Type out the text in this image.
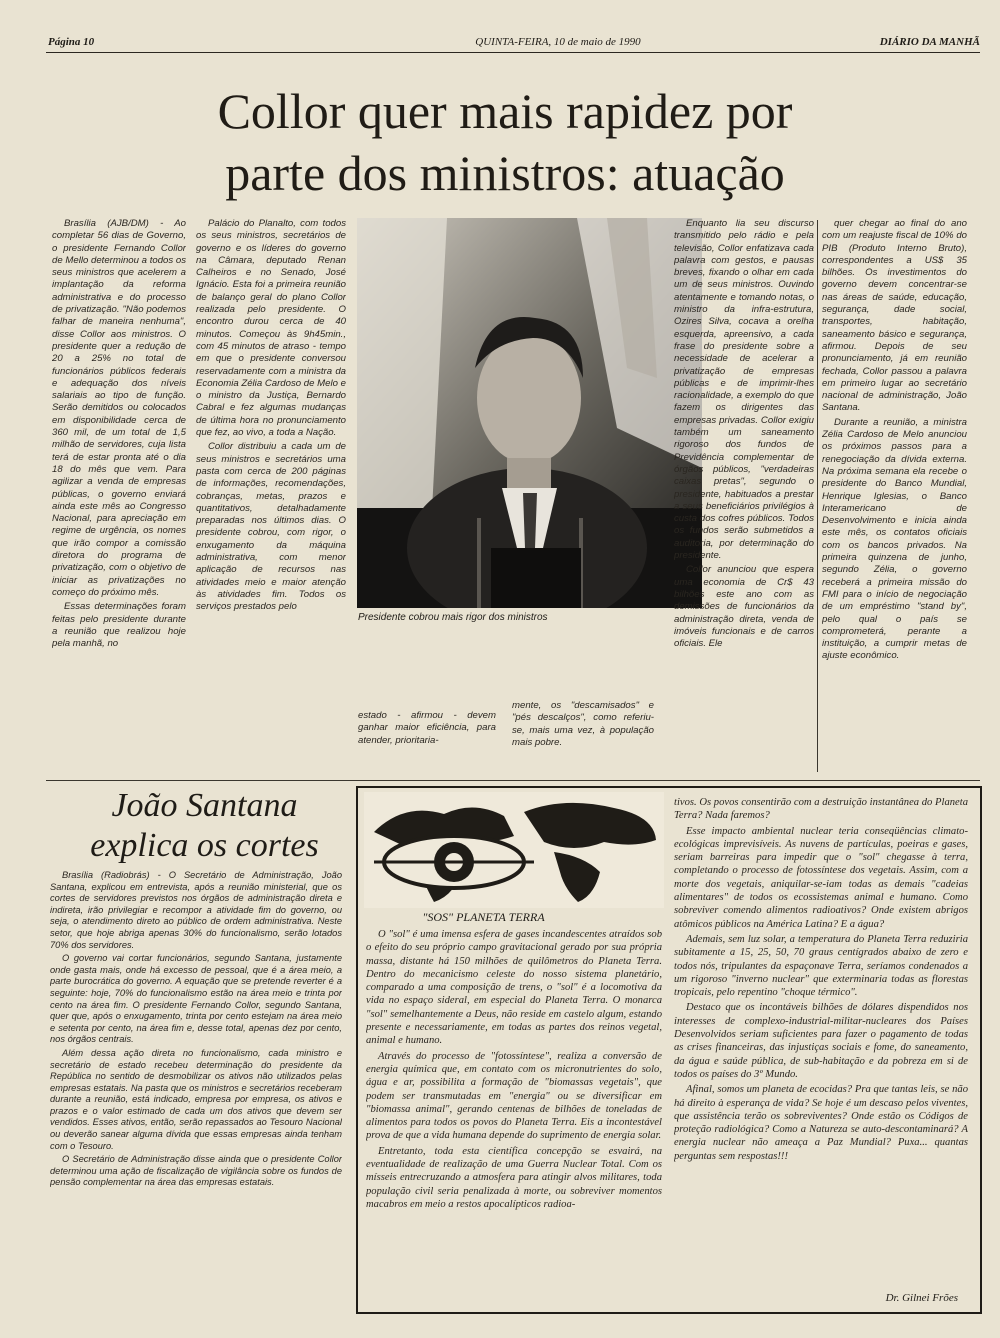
Página 10	QUINTA-FEIRA, 10 de maio de 1990	DIÁRIO DA MANHÃ
Collor quer mais rapidez por
parte dos ministros: atuação

Brasília (AJB/DM) - Ao completar 56 dias de Governo, o presidente Fernando Collor de Mello determinou a todos os seus ministros que acelerem a implantação da reforma administrativa e do processo de privatização. "Não podemos falhar de maneira nenhuma", disse Collor aos ministros. O presidente quer a redução de 20 a 25% no total de funcionários públicos federais e adequação dos níveis salariais ao tipo de função. Serão demitidos ou colocados em disponibilidade cerca de 360 mil, de um total de 1,5 milhão de servidores, cuja lista terá de estar pronta até o dia 18 do mês que vem. Para agilizar a venda de empresas públicas, o governo enviará ainda este mês ao Congresso Nacional, para apreciação em regime de urgência, os nomes que irão compor a comissão diretora do programa de privatização, com o objetivo de iniciar as privatizações no começo do próximo mês.

Essas determinações foram feitas pelo presidente durante a reunião que realizou hoje pela manhã, no

Palácio do Planalto, com todos os seus ministros, secretários de governo e os líderes do governo na Câmara, deputado Renan Calheiros e no Senado, José Ignácio. Esta foi a primeira reunião de balanço geral do plano Collor realizada pelo presidente. O encontro durou cerca de 40 minutos. Começou às 9h45min., com 45 minutos de atraso - tempo em que o presidente conversou reservadamente com a ministra da Economia Zélia Cardoso de Melo e o ministro da Justiça, Bernardo Cabral e fez algumas mudanças de última hora no pronunciamento que fez, ao vivo, a toda a Nação.

Collor distribuiu a cada um de seus ministros e secretários uma pasta com cerca de 200 páginas de informações, recomendações, cobranças, metas, prazos e quantitativos, detalhadamente preparadas nos últimos dias. O presidente cobrou, com rigor, o enxugamento da máquina administrativa, com menor aplicação de recursos nas atividades meio e maior atenção às atividades fim. Todos os serviços prestados pelo

Presidente cobrou mais rigor dos ministros

estado - afirmou - devem ganhar maior eficiência, para atender, prioritaria-

mente, os "descamisados" e "pés descalços", como referiu-se, mais uma vez, à população mais pobre.

Enquanto lia seu discurso transmitido pelo rádio e pela televisão, Collor enfatizava cada palavra com gestos, e pausas breves, fixando o olhar em cada um de seus ministros. Ouvindo atentamente e tomando notas, o ministro da infra-estrutura, Ozires Silva, cocava a orelha esquerda, apreensivo, a cada frase do presidente sobre a necessidade de acelerar a privatização de empresas públicas e de imprimir-lhes racionalidade, a exemplo do que fazem os dirigentes das empresas privadas. Collor exigiu também um saneamento rigoroso dos fundos de Previdência complementar de órgãos públicos, "verdadeiras caixas pretas", segundo o presidente, habituados a prestar a seus beneficiários privilégios à custa dos cofres públicos. Todos os fundos serão submetidos a auditoria, por determinação do presidente.

Collor anunciou que espera uma economia de Cr$ 43 bilhões este ano com as demissões de funcionários da administração direta, venda de imóveis funcionais e de carros oficiais. Ele

quer chegar ao final do ano com um reajuste fiscal de 10% do PIB (Produto Interno Bruto), correspondentes a US$ 35 bilhões. Os investimentos do governo devem concentrar-se nas áreas de saúde, educação, segurança, dade social, transportes, habitação, saneamento básico e segurança, afirmou. Depois de seu pronunciamento, já em reunião fechada, Collor passou a palavra em primeiro lugar ao secretário nacional de administração, João Santana.

Durante a reunião, a ministra Zélia Cardoso de Melo anunciou os próximos passos para a renegociação da dívida externa. Na próxima semana ela recebe o presidente do Banco Mundial, Henrique Iglesias, o Banco Interamericano de Desenvolvimento e inicia ainda este mês, os contatos oficiais com os bancos privados. Na primeira quinzena de junho, segundo Zélia, o governo receberá a primeira missão do FMI para o início de negociação de um empréstimo "stand by", pelo qual o país se comprometerá, perante a instituição, a cumprir metas de ajuste econômico.

João Santana
explica os cortes

Brasília (Radiobrás) - O Secretário de Administração, João Santana, explicou em entrevista, após a reunião ministerial, que os cortes de servidores previstos nos órgãos de administração direta e indireta, irão privilegiar e recompor a atividade fim do governo, ou seja, o atendimento direto ao público de ordem administrativa. Neste setor, que hoje abriga apenas 30% do funcionalismo, serão lotados 70% dos servidores.

O governo vai cortar funcionários, segundo Santana, justamente onde gasta mais, onde há excesso de pessoal, que é a área meio, a parte burocrática do governo. A equação que se pretende reverter é a seguinte: hoje, 70% do funcionalismo estão na área meio e trinta por cento na área fim. O presidente Fernando Collor, segundo Santana, quer que, após o enxugamento, trinta por cento estejam na área meio e setenta por cento, na área fim e, desse total, apenas dez por cento, nos órgãos centrais.

Além dessa ação direta no funcionalismo, cada ministro e secretário de estado recebeu determinação do presidente da República no sentido de desmobilizar os ativos não utilizados pelas empresas estatais. Na pasta que os ministros e secretários receberam durante a reunião, está indicado, empresa por empresa, os ativos e prazos e o valor estimado de cada um dos ativos que devem ser vendidos. Esses ativos, então, serão repassados ao Tesouro Nacional ou deverão sanear alguma dívida que essas empresas ainda tenham com o Tesouro.

O Secretário de Administração disse ainda que o presidente Collor determinou uma ação de fiscalização de vigilância sobre os fundos de pensão complementar na área das empresas estatais.

"SOS" PLANETA TERRA

O "sol" é uma imensa esfera de gases incandescentes atraídos sob o efeito do seu próprio campo gravitacional gerado por sua própria massa, distante há 150 milhões de quilômetros do Planeta Terra. Dentro do mecanicismo celeste do nosso sistema planetário, comparado a uma composição de trens, o "sol" é a locomotiva da vida no espaço sideral, em especial do Planeta Terra. O monarca "sol" semelhantemente a Deus, não reside em castelo algum, estando presente e necessariamente, em todas as partes dos reinos vegetal, animal e humano.

Através do processo de "fotossíntese", realiza a conversão de energia química que, em contato com os micronutrientes do solo, água e ar, possibilita a formação de "biomassas vegetais", que podem ser transmutadas em "energia" ou se diversificar em "biomassa animal", gerando centenas de bilhões de toneladas de alimentos para todos os povos do Planeta Terra. Eis a incontestável prova de que a vida humana depende do suprimento de energia solar.

Entretanto, toda esta científica concepção se esvairá, na eventualidade de realização de uma Guerra Nuclear Total. Com os mísseis entrecruzando a atmosfera para atingir alvos militares, toda população civil seria penalizada à morte, ou sobreviver momentos macabros em meio a restos apocalípticos radioa-

tivos. Os povos consentirão com a destruição instantânea do Planeta Terra? Nada faremos?

Esse impacto ambiental nuclear teria conseqüências climato-ecológicas imprevisíveis. As nuvens de partículas, poeiras e gases, seriam barreiras para impedir que o "sol" chegasse à terra, completando o processo de fotossíntese dos vegetais. Assim, com a morte dos vegetais, aniquilar-se-iam todas as demais "cadeias alimentares" de todos os ecossistemas animal e humano. Como sobreviver comendo alimentos radioativos? Onde existem abrigos atômicos públicos na América Latina? E a água?

Ademais, sem luz solar, a temperatura do Planeta Terra reduziria subitamente a 15, 25, 50, 70 graus centígrados abaixo de zero e todos nós, tripulantes da espaçonave Terra, seríamos condenados a um rigoroso "inverno nuclear" que exterminaria todas as florestas tropicais, pelo repentino "choque térmico".

Destaco que os incontáveis bilhões de dólares dispendidos nos interesses de complexo-industrial-militar-nucleares dos Países Desenvolvidos seriam suficientes para fazer o pagamento de todas as crises financeiras, das injustiças sociais e fome, do saneamento, da água e saúde pública, de sub-habitação e da pobreza em si de todos os países do 3º Mundo.

Afinal, somos um planeta de ecocidas? Pra que tantas leis, se não há direito à esperança de vida? Se hoje é um descaso pelos viventes, que assistência terão os sobreviventes? Onde estão os Códigos de proteção radiológica? Como a Natureza se auto-descontaminará? A energia nuclear não ameaça a Paz Mundial? Puxa... quantas perguntas sem respostas!!!

Dr. Gilnei Frões
